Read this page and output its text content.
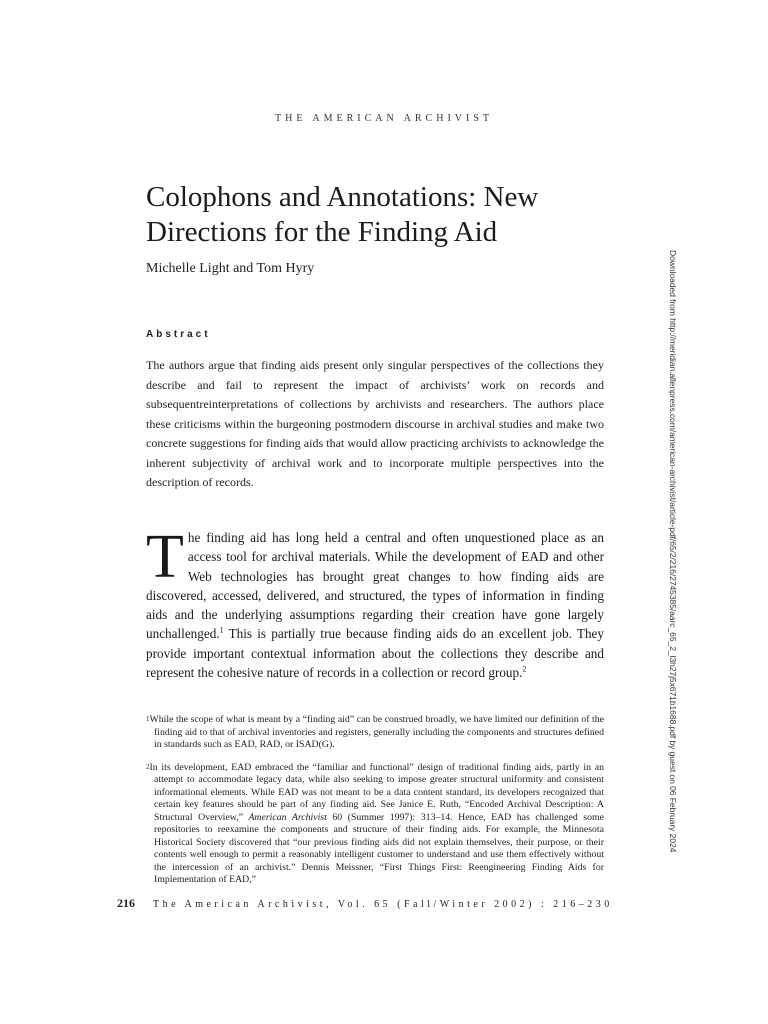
THE AMERICAN ARCHIVIST
Colophons and Annotations: New Directions for the Finding Aid
Michelle Light and Tom Hyry
Abstract

The authors argue that finding aids present only singular perspectives of the collections they describe and fail to represent the impact of archivists’ work on records and subsequentreinterpretations of collections by archivists and researchers. The authors place these criticisms within the burgeoning postmodern discourse in archival studies and make two concrete suggestions for finding aids that would allow practicing archivists to acknowledge the inherent subjectivity of archival work and to incorporate multiple perspectives into the description of records.

The finding aid has long held a central and often unquestioned place as an access tool for archival materials. While the development of EAD and other Web technologies has brought great changes to how finding aids are discovered, accessed, delivered, and structured, the types of information in finding aids and the underlying assumptions regarding their creation have gone largely unchallenged.$^1$ This is partially true because finding aids do an excellent job. They provide important contextual information about the collections they describe and represent the cohesive nature of records in a collection or record group.$^2$

$^1$While the scope of what is meant by a “finding aid” can be construed broadly, we have limited our definition of the finding aid to that of archival inventories and registers, generally including the components and structures defined in standards such as EAD, RAD, or ISAD(G).

$^2$In its development, EAD embraced the “familiar and functional” design of traditional finding aids, partly in an attempt to accommodate legacy data, while also seeking to impose greater structural uniformity and consistent informational elements. While EAD was not meant to be a data content standard, its developers recognized that certain key features should be part of any finding aid. See Janice E. Ruth, “Encoded Archival Description: A Structural Overview,” American Archivist 60 (Summer 1997): 313–14. Hence, EAD has challenged some repositories to reexamine the components and structure of their finding aids. For example, the Minnesota Historical Society discovered that “our previous finding aids did not explain themselves, their purpose, or their contents well enough to permit a reasonably intelligent customer to understand and use them effectively without the intercession of an archivist.” Dennis Meissner, “First Things First: Reengineering Finding Aids for Implementation of EAD,”

216 The American Archivist, Vol. 65 (Fall/Winter 2002) : 216–230
Downloaded from http://meridian.allenpress.com/american-archivist/article-pdf/65/2/216/2745385/aarc_65_2_l3h27j5x671b1688.pdf by guest on 06 February 2024
